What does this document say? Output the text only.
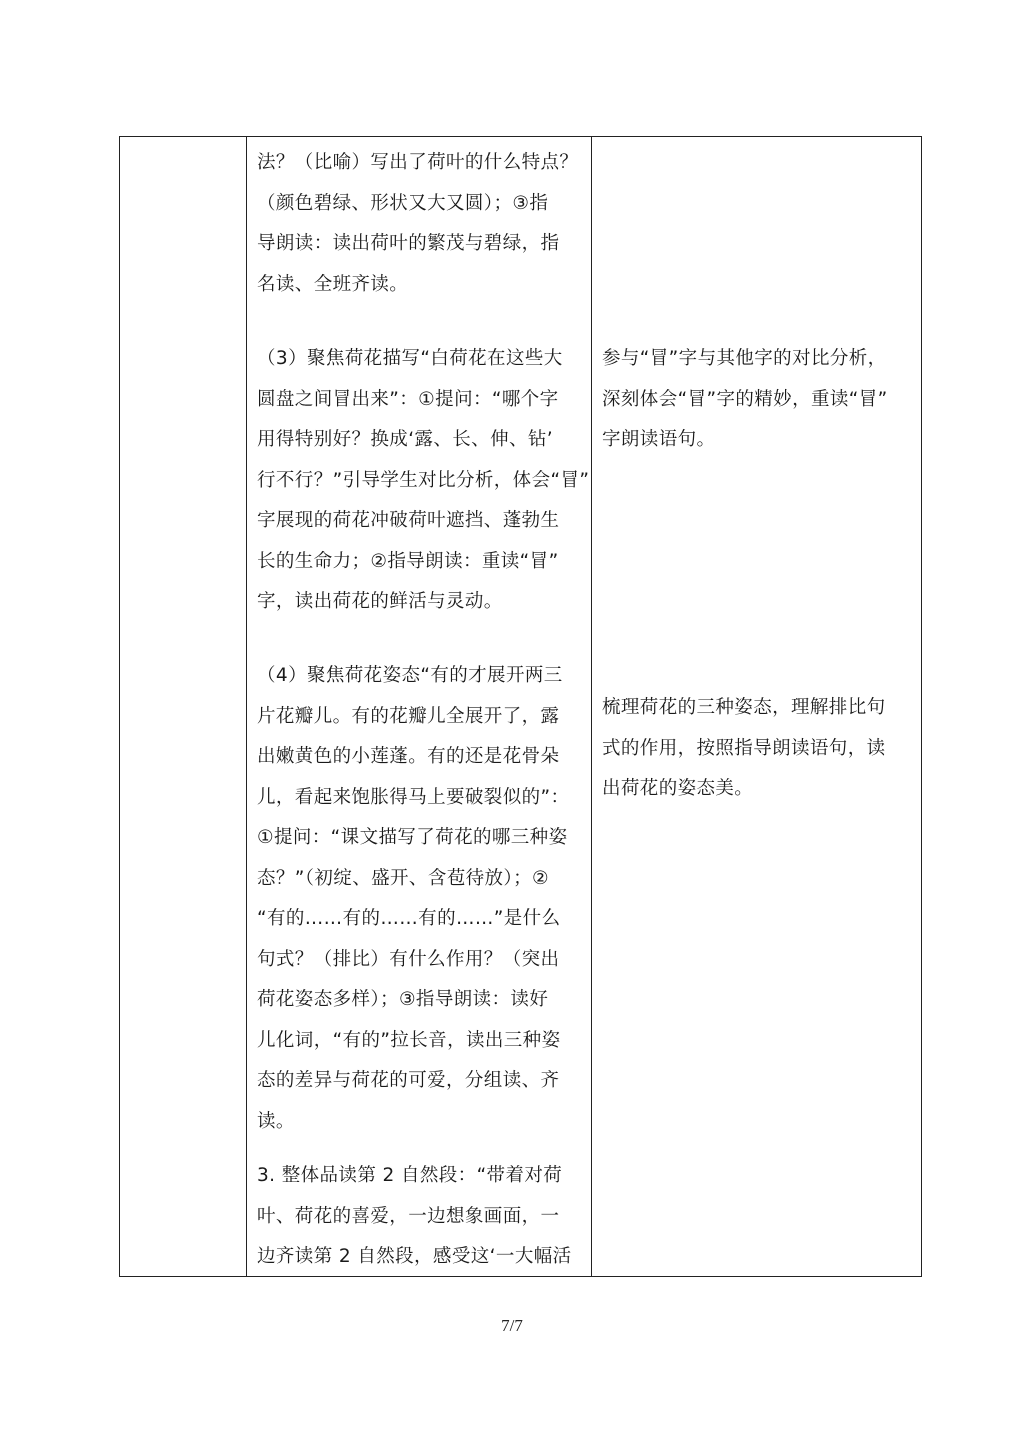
法？（比喻）写出了荷叶的什么特点？
（颜色碧绿、形状又大又圆）；③指
导朗读：读出荷叶的繁茂与碧绿，指
名读、全班齐读。
（3）聚焦荷花描写“白荷花在这些大
圆盘之间冒出来”：①提问：“哪个字
用得特别好？换成‘露、长、伸、钻’
行不行？”引导学生对比分析，体会“冒”
字展现的荷花冲破荷叶遮挡、蓬勃生
长的生命力；②指导朗读：重读“冒”
字，读出荷花的鲜活与灵动。
（4）聚焦荷花姿态“有的才展开两三
片花瓣儿。有的花瓣儿全展开了，露
出嫩黄色的小莲蓬。有的还是花骨朵
儿，看起来饱胀得马上要破裂似的”：
①提问：“课文描写了荷花的哪三种姿
态？”（初绽、盛开、含苞待放）；②
“有的……有的……有的……”是什么
句式？（排比）有什么作用？（突出
荷花姿态多样）；③指导朗读：读好
儿化词，“有的”拉长音，读出三种姿
态的差异与荷花的可爱，分组读、齐
读。
3. 整体品读第 2 自然段：“带着对荷
叶、荷花的喜爱，一边想象画面，一
边齐读第 2 自然段，感受这‘一大幅活
参与“冒”字与其他字的对比分析，
深刻体会“冒”字的精妙，重读“冒”
字朗读语句。
梳理荷花的三种姿态，理解排比句
式的作用，按照指导朗读语句，读
出荷花的姿态美。
7/7
